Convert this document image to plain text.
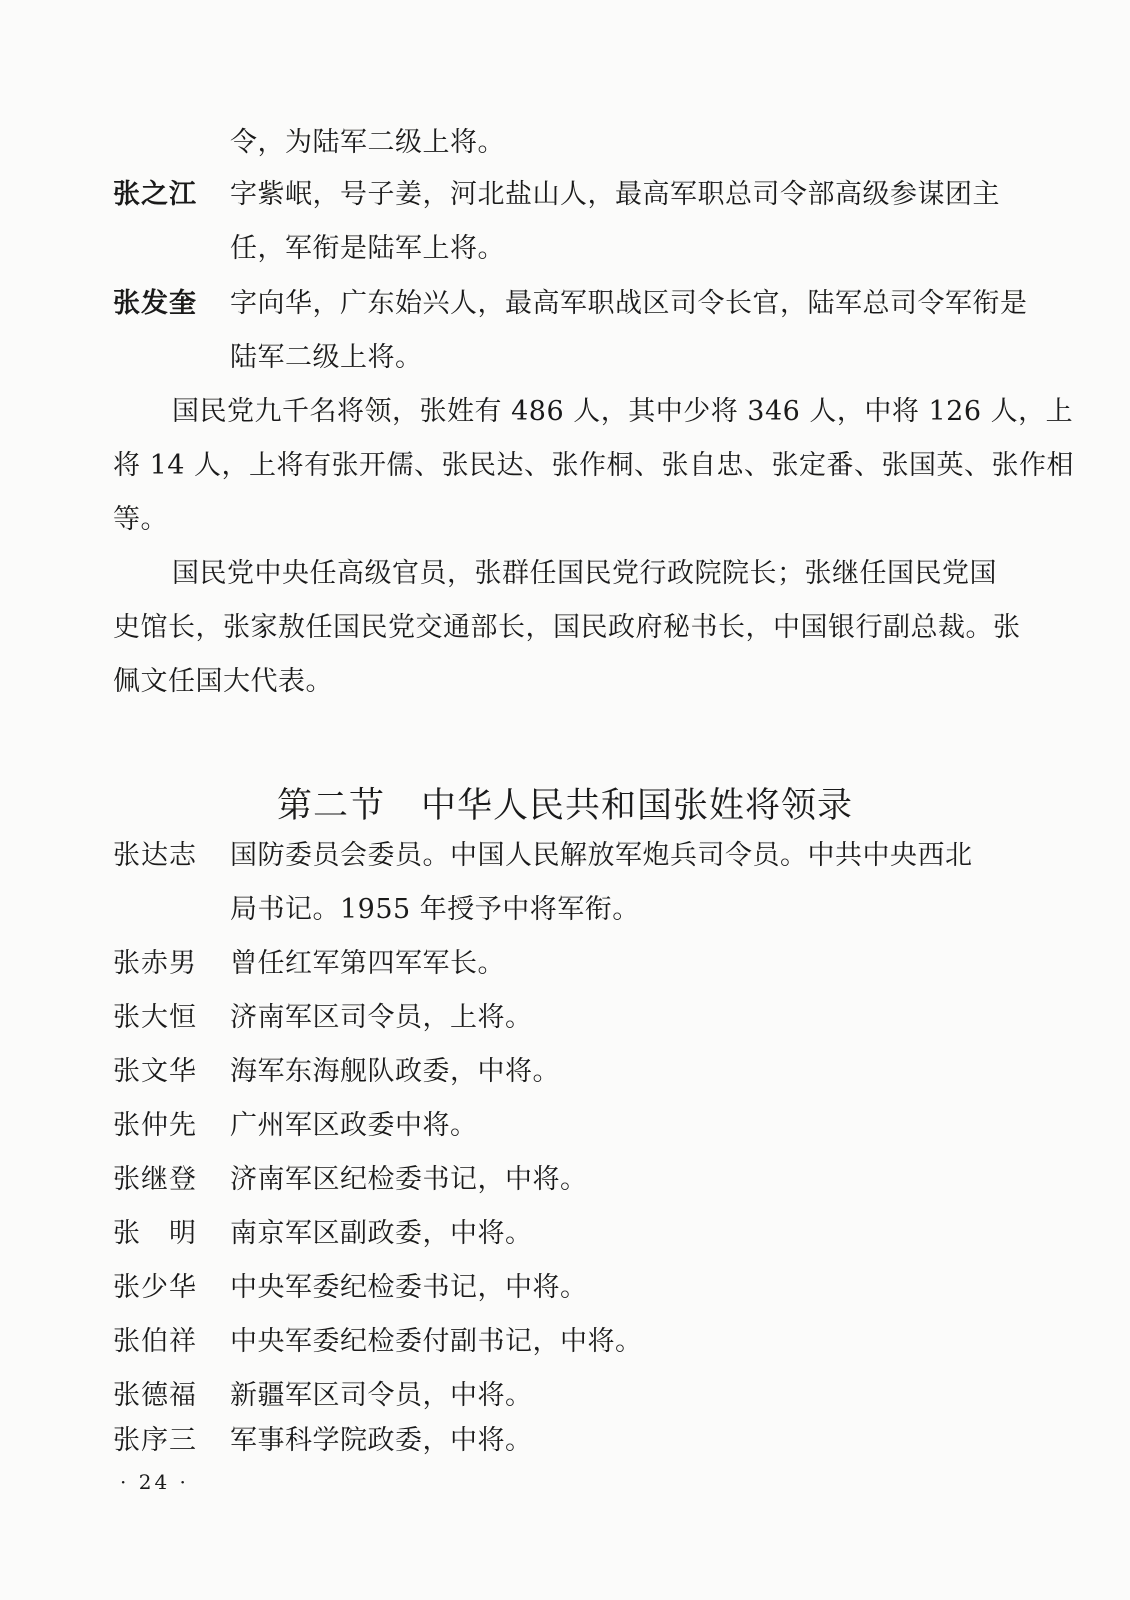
令，为陆军二级上将。
张之江 字紫岷，号子姜，河北盐山人，最高军职总司令部高级参谋团主
任，军衔是陆军上将。
张发奎 字向华，广东始兴人，最高军职战区司令长官，陆军总司令军衔是
陆军二级上将。
国民党九千名将领，张姓有 486 人，其中少将 346 人，中将 126 人，上
将 14 人，上将有张开儒、张民达、张作桐、张自忠、张定番、张国英、张作相
等。
国民党中央任高级官员，张群任国民党行政院院长；张继任国民党国
史馆长，张家敖任国民党交通部长，国民政府秘书长，中国银行副总裁。张
佩文任国大代表。
第二节　中华人民共和国张姓将领录
张达志 国防委员会委员。中国人民解放军炮兵司令员。中共中央西北
局书记。1955 年授予中将军衔。
张赤男 曾任红军第四军军长。
张大恒 济南军区司令员，上将。
张文华 海军东海舰队政委，中将。
张仲先 广州军区政委中将。
张继登 济南军区纪检委书记，中将。
张　明 南京军区副政委，中将。
张少华 中央军委纪检委书记，中将。
张伯祥 中央军委纪检委付副书记，中将。
张德福 新疆军区司令员，中将。
张序三 军事科学院政委，中将。
· 24 ·
